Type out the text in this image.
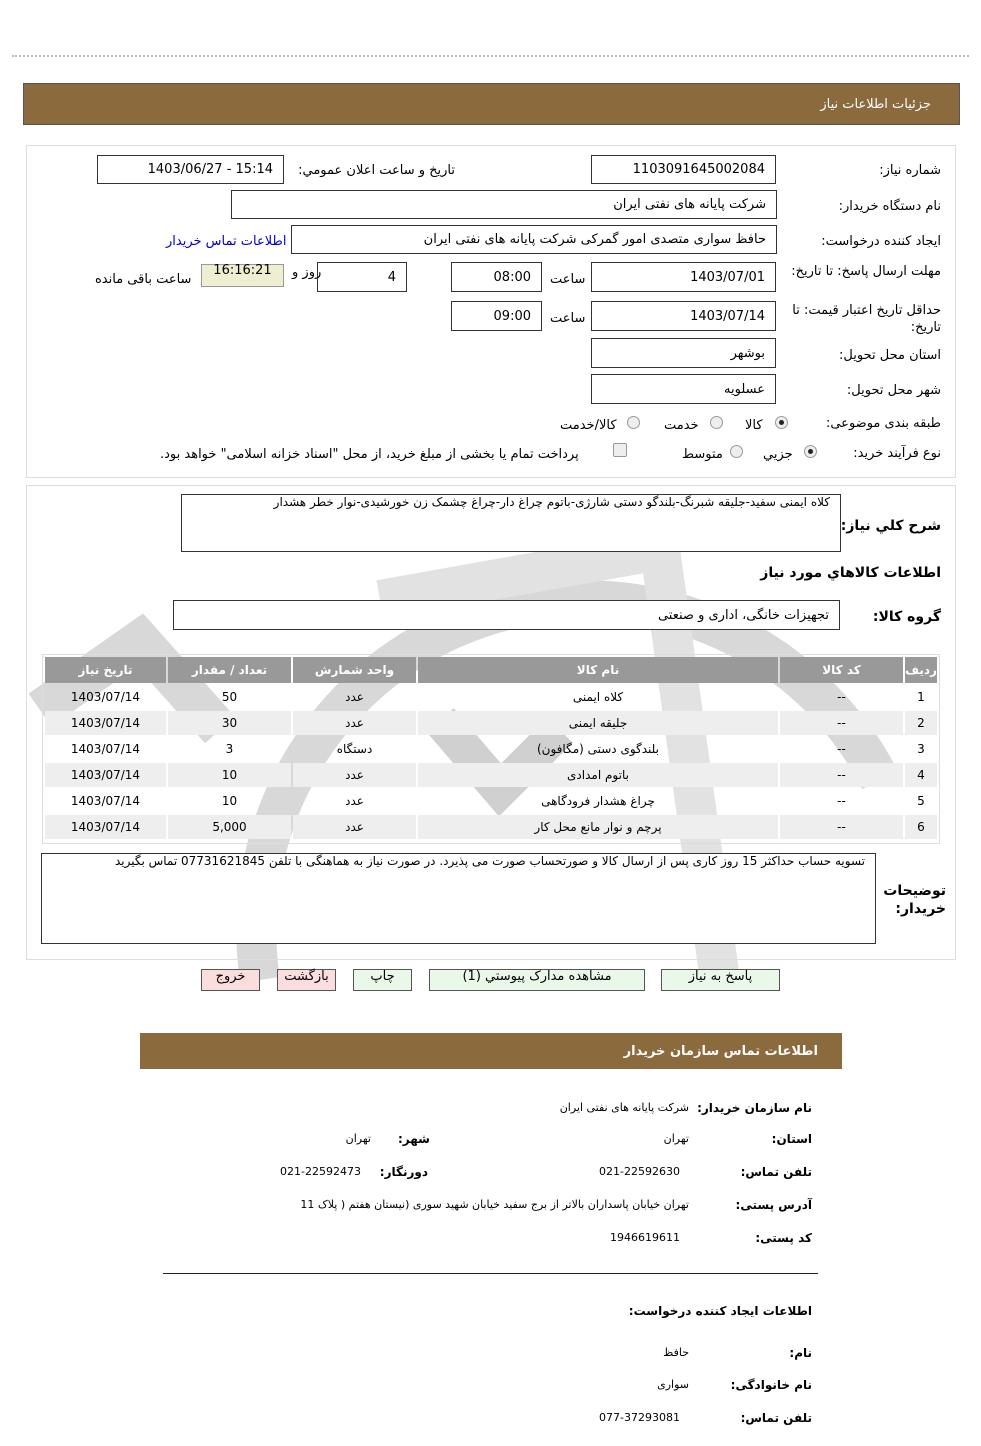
جزئیات اطلاعات نیاز
شماره نیاز:
1103091645002084
تاریخ و ساعت اعلان عمومي:
1403/06/27 - 15:14
نام دستگاه خریدار:
شرکت پایانه های نفتی ایران
ایجاد کننده درخواست:
حافظ سواری متصدی امور گمرکی شرکت پایانه های نفتی ایران
اطلاعات تماس خریدار
مهلت ارسال پاسخ: تا تاریخ:
1403/07/01
ساعت
08:00
4
روز و
16:16:21
ساعت باقی مانده
حداقل تاریخ اعتبار قیمت: تا تاریخ:
1403/07/14
ساعت
09:00
استان محل تحویل:
بوشهر
شهر محل تحویل:
عسلویه
طبقه بندی موضوعی:
کالا
خدمت
کالا/خدمت
نوع فرآیند خرید:
جزيي
متوسط
پرداخت تمام یا بخشی از مبلغ خرید، از محل "اسناد خزانه اسلامی" خواهد بود.
کلاه ایمنی سفید-جلیقه شبرنگ-بلندگو دستی شارژی-باتوم چراغ دار-چراغ چشمک زن خورشیدی-نوار خطر هشدار
شرح کلي نیاز:
اطلاعات کالاهاي مورد نیاز
گروه کالا:
تجهیزات خانگی، اداری و صنعتی
ردیف	کد کالا	نام کالا	واحد شمارش	تعداد / مقدار	تاریخ نیاز
1	--	کلاه ایمنی	عدد	50	1403/07/14
2	--	جلیقه ایمنی	عدد	30	1403/07/14
3	--	بلندگوی دستی (مگافون)	دستگاه	3	1403/07/14
4	--	باتوم امدادی	عدد	10	1403/07/14
5	--	چراغ هشدار فرودگاهی	عدد	10	1403/07/14
6	--	پرچم و نوار مانع محل کار	عدد	5,000	1403/07/14
تسویه حساب حداکثر 15 روز کاری پس از ارسال کالا و صورتحساب صورت می پذیرد. در صورت نیاز به هماهنگی با تلفن 07731621845 تماس بگیرید
توضیحات خریدار:
پاسخ به نیاز
مشاهده مدارک پیوستي (1)
چاپ
بازگشت
خروج
اطلاعات تماس سازمان خریدار
نام سازمان خریدار:
شرکت پایانه های نفتی ایران
استان:
تهران
شهر:
تهران
تلفن تماس:
021-22592630
دورنگار:
021-22592473
آدرس پستی:
تهران خیابان پاسداران بالاتر از برج سفید خیابان شهید سوری (نیستان هفتم ( پلاک 11
کد پستی:
1946619611
اطلاعات ایجاد کننده درخواست:
نام:
حافظ
نام خانوادگی:
سواری
تلفن تماس:
077-37293081
